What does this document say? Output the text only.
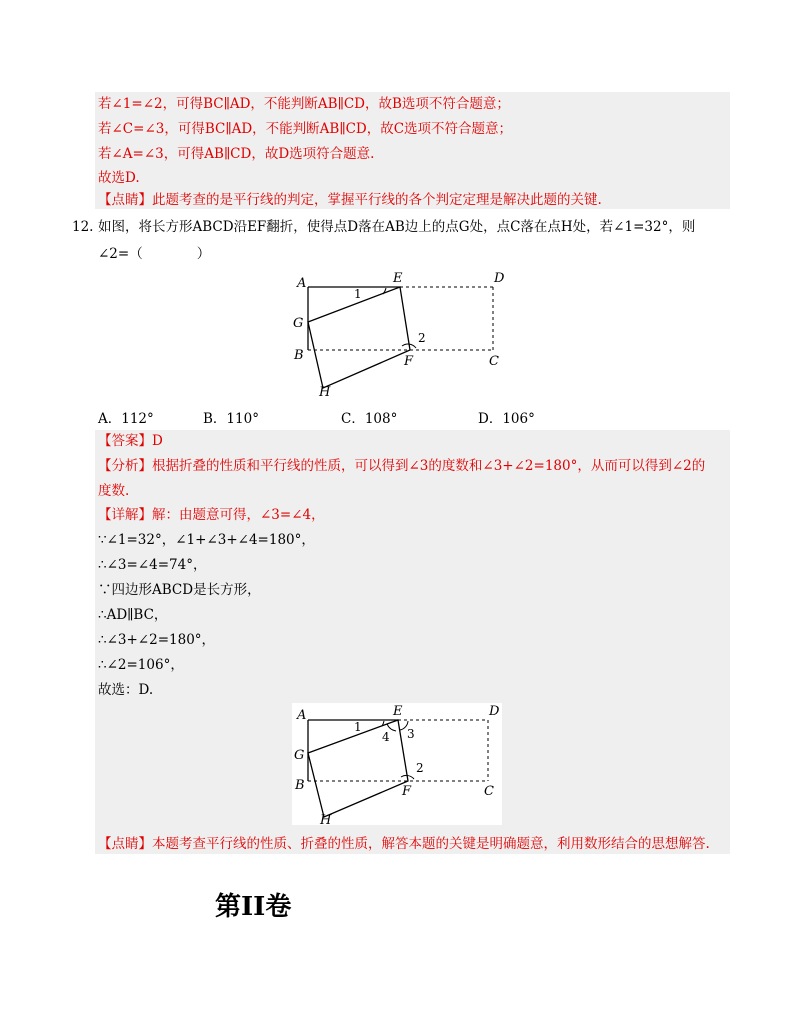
若∠1=∠2，可得BC∥AD，不能判断AB∥CD，故B选项不符合题意；
若∠C=∠3，可得BC∥AD，不能判断AB∥CD，故C选项不符合题意；
若∠A=∠3，可得AB∥CD，故D选项符合题意.
故选D.
【点睛】此题考查的是平行线的判定，掌握平行线的各个判定定理是解决此题的关键.
12. 如图，将长方形ABCD沿EF翻折，使得点D落在AB边上的点G处，点C落在点H处，若∠1=32°，则
∠2=（　　　　）
A	E	D
G
B	F	C
H
1
2
A．112°	B．110°	C．108°	D．106°
【答案】D
【分析】根据折叠的性质和平行线的性质，可以得到∠3的度数和∠3+∠2=180°，从而可以得到∠2的
度数.
【详解】解：由题意可得，∠3=∠4，
∵∠1=32°，∠1+∠3+∠4=180°，
∴∠3=∠4=74°，
∵四边形ABCD是长方形，
∴AD∥BC，
∴∠3+∠2=180°，
∴∠2=106°，
故选：D.
A	E	D
G
B	F	C
H
1
4 3
2
【点睛】本题考查平行线的性质、折叠的性质，解答本题的关键是明确题意，利用数形结合的思想解答.
第II卷
